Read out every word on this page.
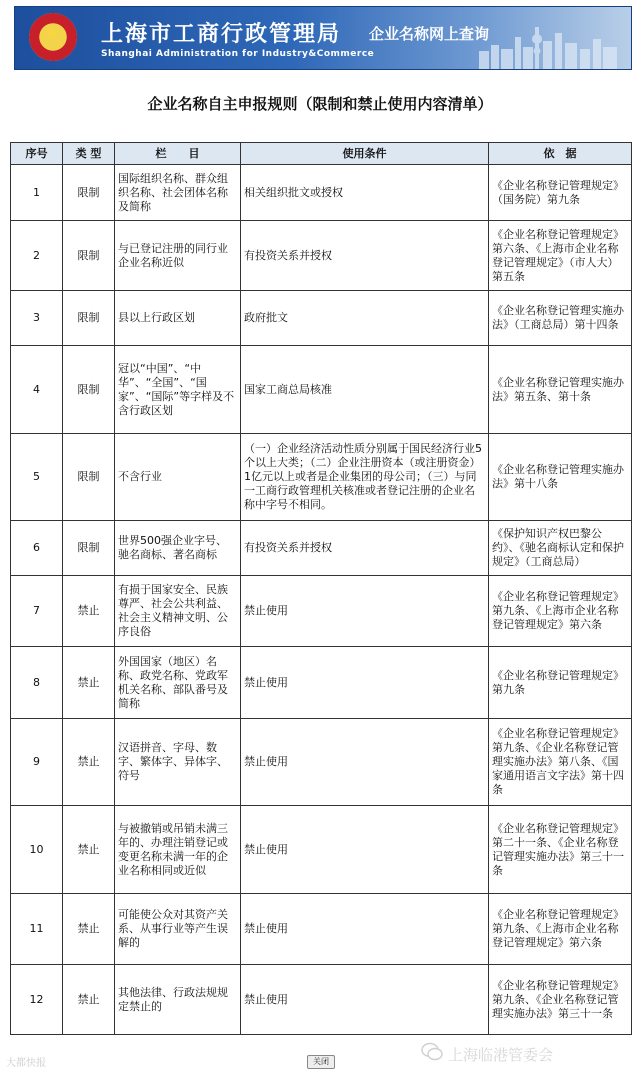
★	上海市工商行政管理局
Shanghai Administration for Industry&Commerce
企业名称网上查询
企业名称自主申报规则（限制和禁止使用内容清单）
序号	类 型	栏　　目	使用条件	依　据
1	限制	国际组织名称、群众组织名称、社会团体名称及简称	相关组织批文或授权	《企业名称登记管理规定》（国务院）第九条
2	限制	与已登记注册的同行业企业名称近似	有投资关系并授权	《企业名称登记管理规定》第六条、《上海市企业名称登记管理规定》（市人大）第五条
3	限制	县以上行政区划	政府批文	《企业名称登记管理实施办法》（工商总局）第十四条
4	限制	冠以“中国”、“中华”、“全国”、“国家”、“国际”等字样及不含行政区划	国家工商总局核准	《企业名称登记管理实施办法》第五条、第十条
5	限制	不含行业	（一）企业经济活动性质分别属于国民经济行业5个以上大类；（二）企业注册资本（或注册资金）1亿元以上或者是企业集团的母公司；（三）与同一工商行政管理机关核准或者登记注册的企业名称中字号不相同。	《企业名称登记管理实施办法》第十八条
6	限制	世界500强企业字号、驰名商标、著名商标	有投资关系并授权	《保护知识产权巴黎公约》、《驰名商标认定和保护规定》（工商总局）
7	禁止	有损于国家安全、民族尊严、社会公共利益、社会主义精神文明、公序良俗	禁止使用	《企业名称登记管理规定》第九条、《上海市企业名称登记管理规定》第六条
8	禁止	外国国家（地区）名称、政党名称、党政军机关名称、部队番号及简称	禁止使用	《企业名称登记管理规定》第九条
9	禁止	汉语拼音、字母、数字、繁体字、异体字、符号	禁止使用	《企业名称登记管理规定》第九条、《企业名称登记管理实施办法》第八条、《国家通用语言文字法》第十四条
10	禁止	与被撤销或吊销未满三年的、办理注销登记或变更名称未满一年的企业名称相同或近似	禁止使用	《企业名称登记管理规定》第二十一条、《企业名称登记管理实施办法》第三十一条
11	禁止	可能使公众对其资产关系、从事行业等产生误解的	禁止使用	《企业名称登记管理规定》第九条、《上海市企业名称登记管理规定》第六条
12	禁止	其他法律、行政法规规定禁止的	禁止使用	《企业名称登记管理规定》第九条、《企业名称登记管理实施办法》第三十一条
大都快报	关闭	上海临港管委会
